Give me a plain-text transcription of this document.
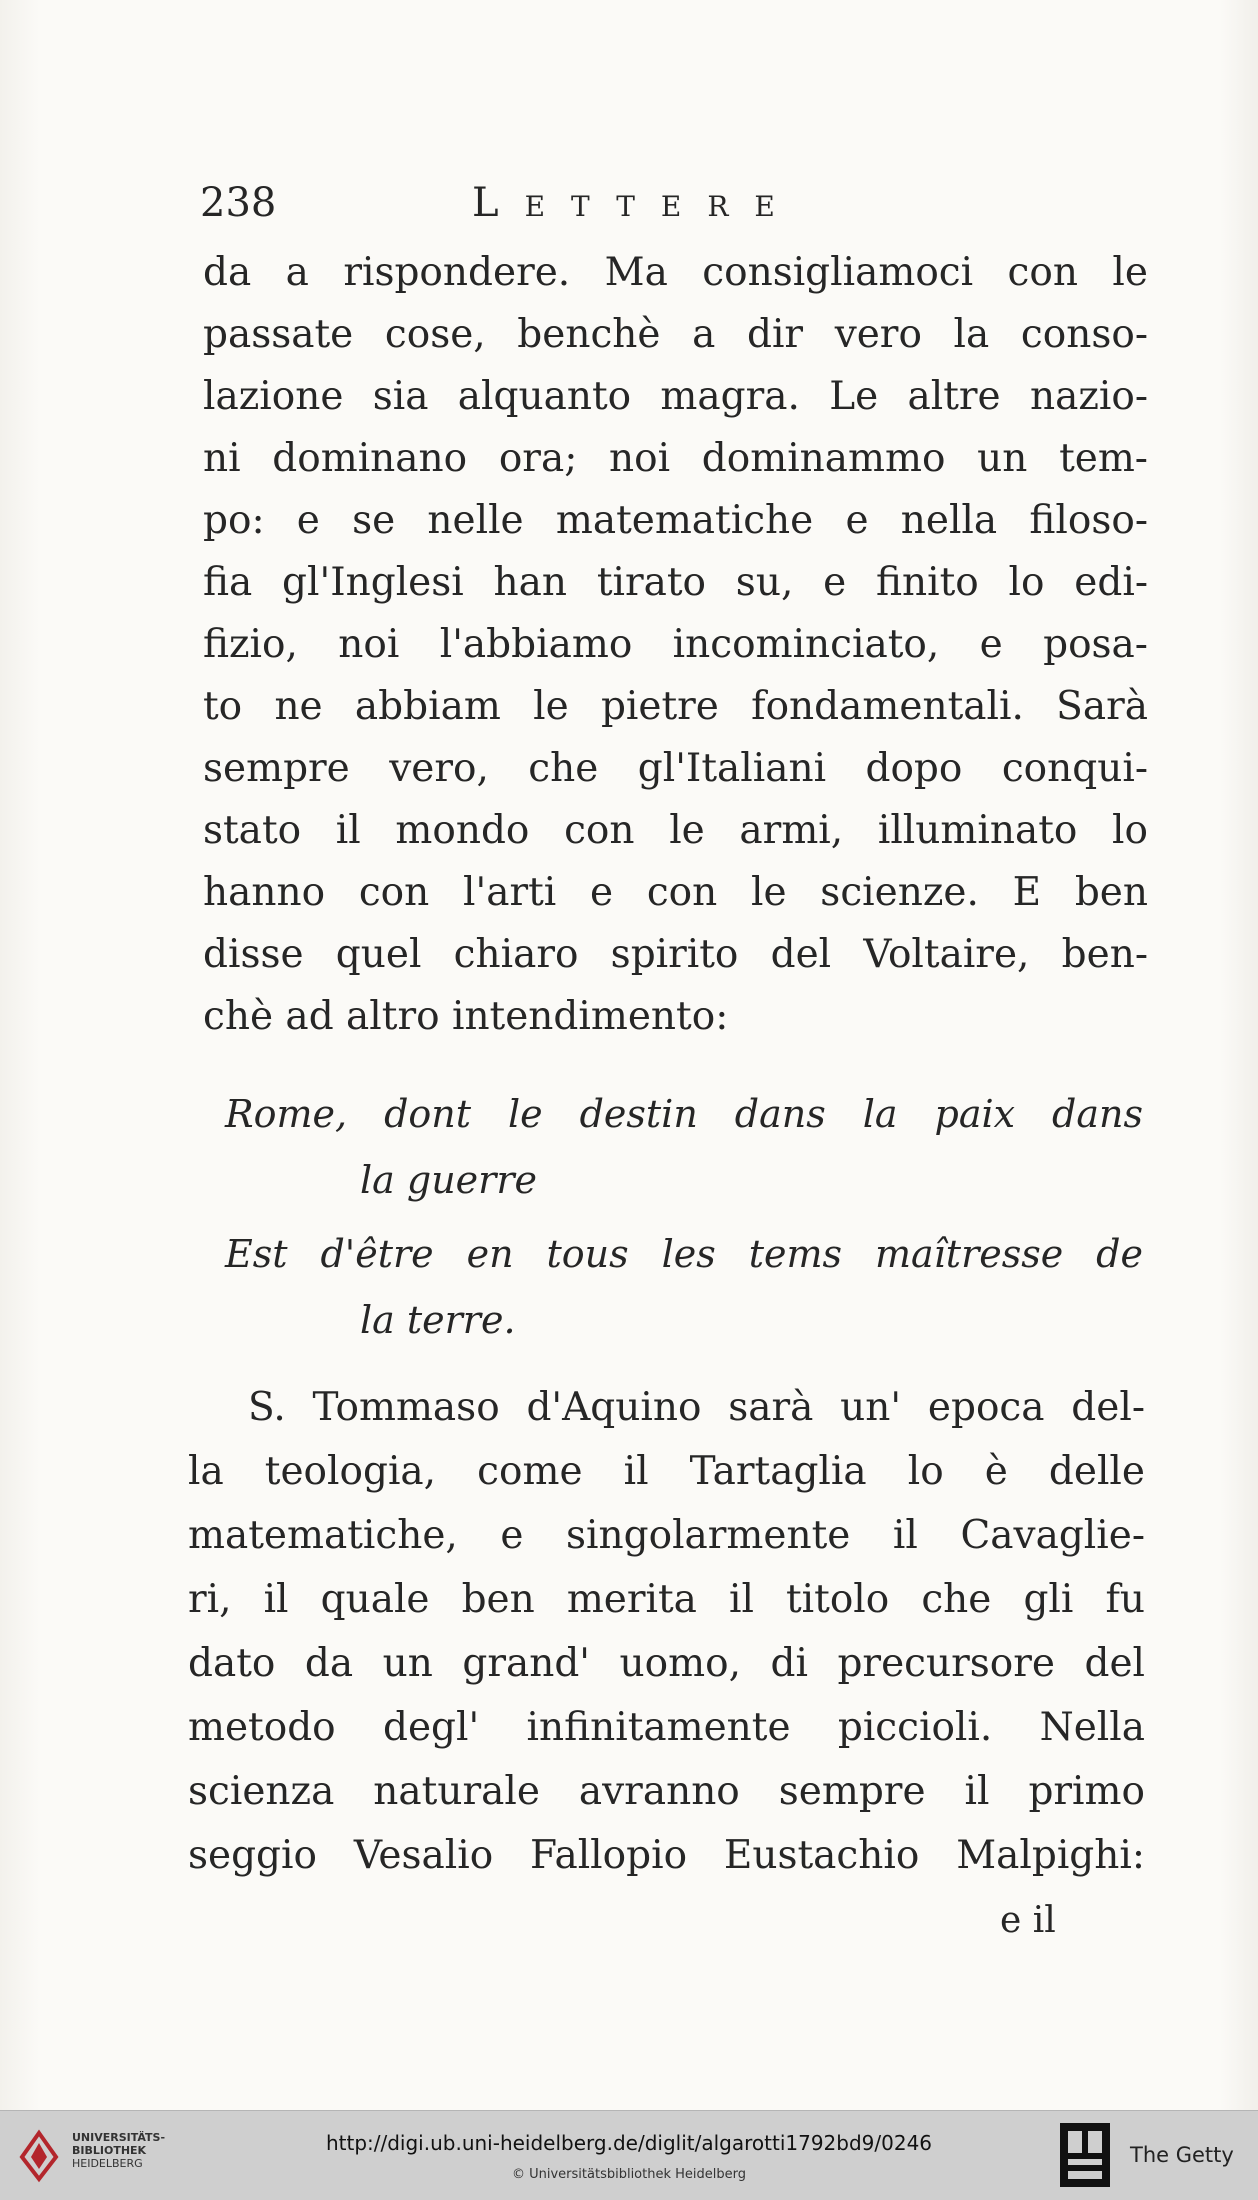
238	Lettere
da a rispondere. Ma consigliamoci con le
passate cose, benchè a dir vero la conso-
lazione sia alquanto magra. Le altre nazio-
ni dominano ora; noi dominammo un tem-
po: e se nelle matematiche e nella filoso-
fia gl'Inglesi han tirato su, e finito lo edi-
fizio, noi l'abbiamo incominciato, e posa-
to ne abbiam le pietre fondamentali. Sarà
sempre vero, che gl'Italiani dopo conqui-
stato il mondo con le armi, illuminato lo
hanno con l'arti e con le scienze. E ben
disse quel chiaro spirito del Voltaire, ben-
chè ad altro intendimento:
Rome, dont le destin dans la paix dans
la guerre
Est d'être en tous les tems maîtresse de
la terre.
S. Tommaso d'Aquino sarà un' epoca del-
la teologia, come il Tartaglia lo è delle
matematiche, e singolarmente il Cavaglie-
ri, il quale ben merita il titolo che gli fu
dato da un grand' uomo, di precursore del
metodo degl' infinitamente piccioli. Nella
scienza naturale avranno sempre il primo
seggio Vesalio Fallopio Eustachio Malpighi:
e il
UNIVERSITÄTS-
BIBLIOTHEK

HEIDELBERG
http://digi.ub.uni-heidelberg.de/diglit/algarotti1792bd9/0246
© Universitätsbibliothek Heidelberg
The Getty
